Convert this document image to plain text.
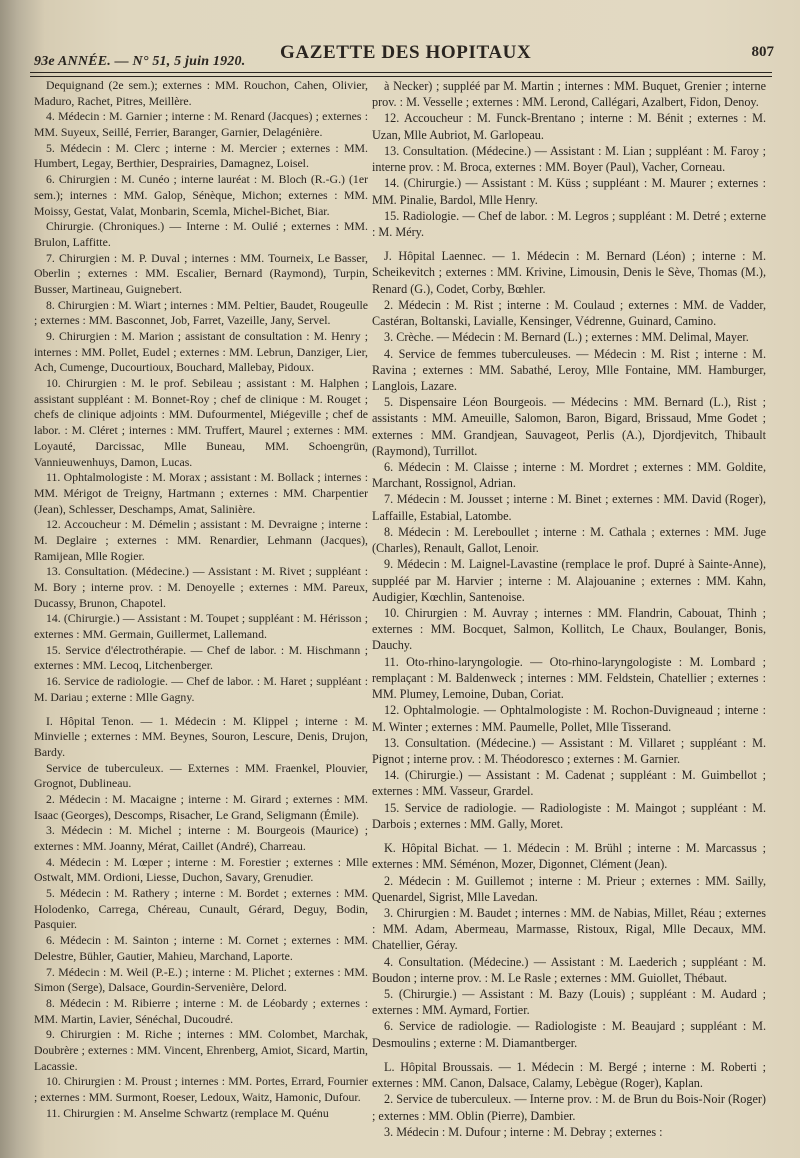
93e ANNÉE. — N° 51, 5 juin 1920. GAZETTE DES HOPITAUX	807

Dequignand (2e sem.); externes : MM. Rouchon, Cahen, Olivier, Maduro, Rachet, Pitres, Meillère.

4. Médecin : M. Garnier ; interne : M. Renard (Jacques) ; externes : MM. Suyeux, Seillé, Ferrier, Baranger, Garnier, Delagénière.

5. Médecin : M. Clerc ; interne : M. Mercier ; externes : MM. Humbert, Legay, Berthier, Desprairies, Damagnez, Loisel.

6. Chirurgien : M. Cunéo ; interne lauréat : M. Bloch (R.-G.) (1er sem.); internes : MM. Galop, Sénèque, Michon; externes : MM. Moissy, Gestat, Valat, Monbarin, Scemla, Michel-Bichet, Biar.

Chirurgie. (Chroniques.) — Interne : M. Oulié ; externes : MM. Brulon, Laffitte.

7. Chirurgien : M. P. Duval ; internes : MM. Tourneix, Le Basser, Oberlin ; externes : MM. Escalier, Bernard (Raymond), Turpin, Busser, Martineau, Guignebert.

8. Chirurgien : M. Wiart ; internes : MM. Peltier, Baudet, Rougeulle ; externes : MM. Basconnet, Job, Farret, Vazeille, Jany, Servel.

9. Chirurgien : M. Marion ; assistant de consultation : M. Henry ; internes : MM. Pollet, Eudel ; externes : MM. Lebrun, Danziger, Lier, Ach, Cumenge, Ducourtioux, Bouchard, Mallebay, Pidoux.

10. Chirurgien : M. le prof. Sebileau ; assistant : M. Halphen ; assistant suppléant : M. Bonnet-Roy ; chef de clinique : M. Rouget ; chefs de clinique adjoints : MM. Dufourmentel, Miégeville ; chef de labor. : M. Cléret ; internes : MM. Truffert, Maurel ; externes : MM. Loyauté, Darcissac, Mlle Buneau, MM. Schoengrün, Vannieuwenhuys, Damon, Lucas.

11. Ophtalmologiste : M. Morax ; assistant : M. Bollack ; internes : MM. Mérigot de Treigny, Hartmann ; externes : MM. Charpentier (Jean), Schlesser, Deschamps, Amat, Salinière.

12. Accoucheur : M. Démelin ; assistant : M. Devraigne ; interne : M. Deglaire ; externes : MM. Renardier, Lehmann (Jacques), Ramijean, Mlle Rogier.

13. Consultation. (Médecine.) — Assistant : M. Rivet ; suppléant : M. Bory ; interne prov. : M. Denoyelle ; externes : MM. Pareux, Ducassy, Brunon, Chapotel.

14. (Chirurgie.) — Assistant : M. Toupet ; suppléant : M. Hérisson ; externes : MM. Germain, Guillermet, Lallemand.

15. Service d'électrothérapie. — Chef de labor. : M. Hischmann ; externes : MM. Lecoq, Litchenberger.

16. Service de radiologie. — Chef de labor. : M. Haret ; suppléant : M. Dariau ; externe : Mlle Gagny.

I. Hôpital Tenon. — 1. Médecin : M. Klippel ; interne : M. Minvielle ; externes : MM. Beynes, Souron, Lescure, Denis, Drujon, Bardy.

Service de tuberculeux. — Externes : MM. Fraenkel, Plouvier, Grognot, Dublineau.

2. Médecin : M. Macaigne ; interne : M. Girard ; externes : MM. Isaac (Georges), Descomps, Risacher, Le Grand, Seligmann (Émile).

3. Médecin : M. Michel ; interne : M. Bourgeois (Maurice) ; externes : MM. Joanny, Mérat, Caillet (André), Charreau.

4. Médecin : M. Lœper ; interne : M. Forestier ; externes : Mlle Ostwalt, MM. Ordioni, Liesse, Duchon, Savary, Grenudier.

5. Médecin : M. Rathery ; interne : M. Bordet ; externes : MM. Holodenko, Carrega, Chéreau, Cunault, Gérard, Deguy, Bodin, Pasquier.

6. Médecin : M. Sainton ; interne : M. Cornet ; externes : MM. Delestre, Bühler, Gautier, Mahieu, Marchand, Laporte.

7. Médecin : M. Weil (P.-E.) ; interne : M. Plichet ; externes : MM. Simon (Serge), Dalsace, Gourdin-Servenière, Delord.

8. Médecin : M. Ribierre ; interne : M. de Léobardy ; externes : MM. Martin, Lavier, Sénéchal, Ducoudré.

9. Chirurgien : M. Riche ; internes : MM. Colombet, Marchak, Doubrère ; externes : MM. Vincent, Ehrenberg, Amiot, Sicard, Martin, Lacassie.

10. Chirurgien : M. Proust ; internes : MM. Portes, Errard, Fournier ; externes : MM. Surmont, Roeser, Ledoux, Waitz, Hamonic, Dufour.

11. Chirurgien : M. Anselme Schwartz (remplace M. Quénu

à Necker) ; suppléé par M. Martin ; internes : MM. Buquet, Grenier ; interne prov. : M. Vesselle ; externes : MM. Lerond, Callégari, Azalbert, Fidon, Denoy.

12. Accoucheur : M. Funck-Brentano ; interne : M. Bénit ; externes : M. Uzan, Mlle Aubriot, M. Garlopeau.

13. Consultation. (Médecine.) — Assistant : M. Lian ; suppléant : M. Faroy ; interne prov. : M. Broca, externes : MM. Boyer (Paul), Vacher, Corneau.

14. (Chirurgie.) — Assistant : M. Küss ; suppléant : M. Maurer ; externes : MM. Pinalie, Bardol, Mlle Henry.

15. Radiologie. — Chef de labor. : M. Legros ; suppléant : M. Detré ; externe : M. Méry.

J. Hôpital Laennec. — 1. Médecin : M. Bernard (Léon) ; interne : M. Scheikevitch ; externes : MM. Krivine, Limousin, Denis le Sève, Thomas (M.), Renard (G.), Codet, Corby, Bœhler.

2. Médecin : M. Rist ; interne : M. Coulaud ; externes : MM. de Vadder, Castéran, Boltanski, Lavialle, Kensinger, Védrenne, Guinard, Camino.

3. Crèche. — Médecin : M. Bernard (L.) ; externes : MM. Delimal, Mayer.

4. Service de femmes tuberculeuses. — Médecin : M. Rist ; interne : M. Ravina ; externes : MM. Sabathé, Leroy, Mlle Fontaine, MM. Hamburger, Langlois, Lazare.

5. Dispensaire Léon Bourgeois. — Médecins : MM. Bernard (L.), Rist ; assistants : MM. Ameuille, Salomon, Baron, Bigard, Brissaud, Mme Godet ; externes : MM. Grandjean, Sauvageot, Perlis (A.), Djordjevitch, Thibault (Raymond), Turrillot.

6. Médecin : M. Claisse ; interne : M. Mordret ; externes : MM. Goldite, Marchant, Rossignol, Adrian.

7. Médecin : M. Jousset ; interne : M. Binet ; externes : MM. David (Roger), Laffaille, Estabial, Latombe.

8. Médecin : M. Lereboullet ; interne : M. Cathala ; externes : MM. Juge (Charles), Renault, Gallot, Lenoir.

9. Médecin : M. Laignel-Lavastine (remplace le prof. Dupré à Sainte-Anne), suppléé par M. Harvier ; interne : M. Alajouanine ; externes : MM. Kahn, Audigier, Kœchlin, Santenoise.

10. Chirurgien : M. Auvray ; internes : MM. Flandrin, Cabouat, Thinh ; externes : MM. Bocquet, Salmon, Kollitch, Le Chaux, Boulanger, Bonis, Dauchy.

11. Oto-rhino-laryngologie. — Oto-rhino-laryngologiste : M. Lombard ; remplaçant : M. Baldenweck ; internes : MM. Feldstein, Chatellier ; externes : MM. Plumey, Lemoine, Duban, Coriat.

12. Ophtalmologie. — Ophtalmologiste : M. Rochon-Duvigneaud ; interne : M. Winter ; externes : MM. Paumelle, Pollet, Mlle Tisserand.

13. Consultation. (Médecine.) — Assistant : M. Villaret ; suppléant : M. Pignot ; interne prov. : M. Théodoresco ; externes : M. Garnier.

14. (Chirurgie.) — Assistant : M. Cadenat ; suppléant : M. Guimbellot ; externes : MM. Vasseur, Grardel.

15. Service de radiologie. — Radiologiste : M. Maingot ; suppléant : M. Darbois ; externes : MM. Gally, Moret.

K. Hôpital Bichat. — 1. Médecin : M. Brühl ; interne : M. Marcassus ; externes : MM. Séménon, Mozer, Digonnet, Clément (Jean).

2. Médecin : M. Guillemot ; interne : M. Prieur ; externes : MM. Sailly, Quenardel, Sigrist, Mlle Lavedan.

3. Chirurgien : M. Baudet ; internes : MM. de Nabias, Millet, Réau ; externes : MM. Adam, Abermeau, Marmasse, Ristoux, Rigal, Mlle Decaux, MM. Chatellier, Géray.

4. Consultation. (Médecine.) — Assistant : M. Laederich ; suppléant : M. Boudon ; interne prov. : M. Le Rasle ; externes : MM. Guiollet, Thébaut.

5. (Chirurgie.) — Assistant : M. Bazy (Louis) ; suppléant : M. Audard ; externes : MM. Aymard, Fortier.

6. Service de radiologie. — Radiologiste : M. Beaujard ; suppléant : M. Desmoulins ; externe : M. Diamantberger.

L. Hôpital Broussais. — 1. Médecin : M. Bergé ; interne : M. Roberti ; externes : MM. Canon, Dalsace, Calamy, Lebègue (Roger), Kaplan.

2. Service de tuberculeux. — Interne prov. : M. de Brun du Bois-Noir (Roger) ; externes : MM. Oblin (Pierre), Dambier.

3. Médecin : M. Dufour ; interne : M. Debray ; externes :
